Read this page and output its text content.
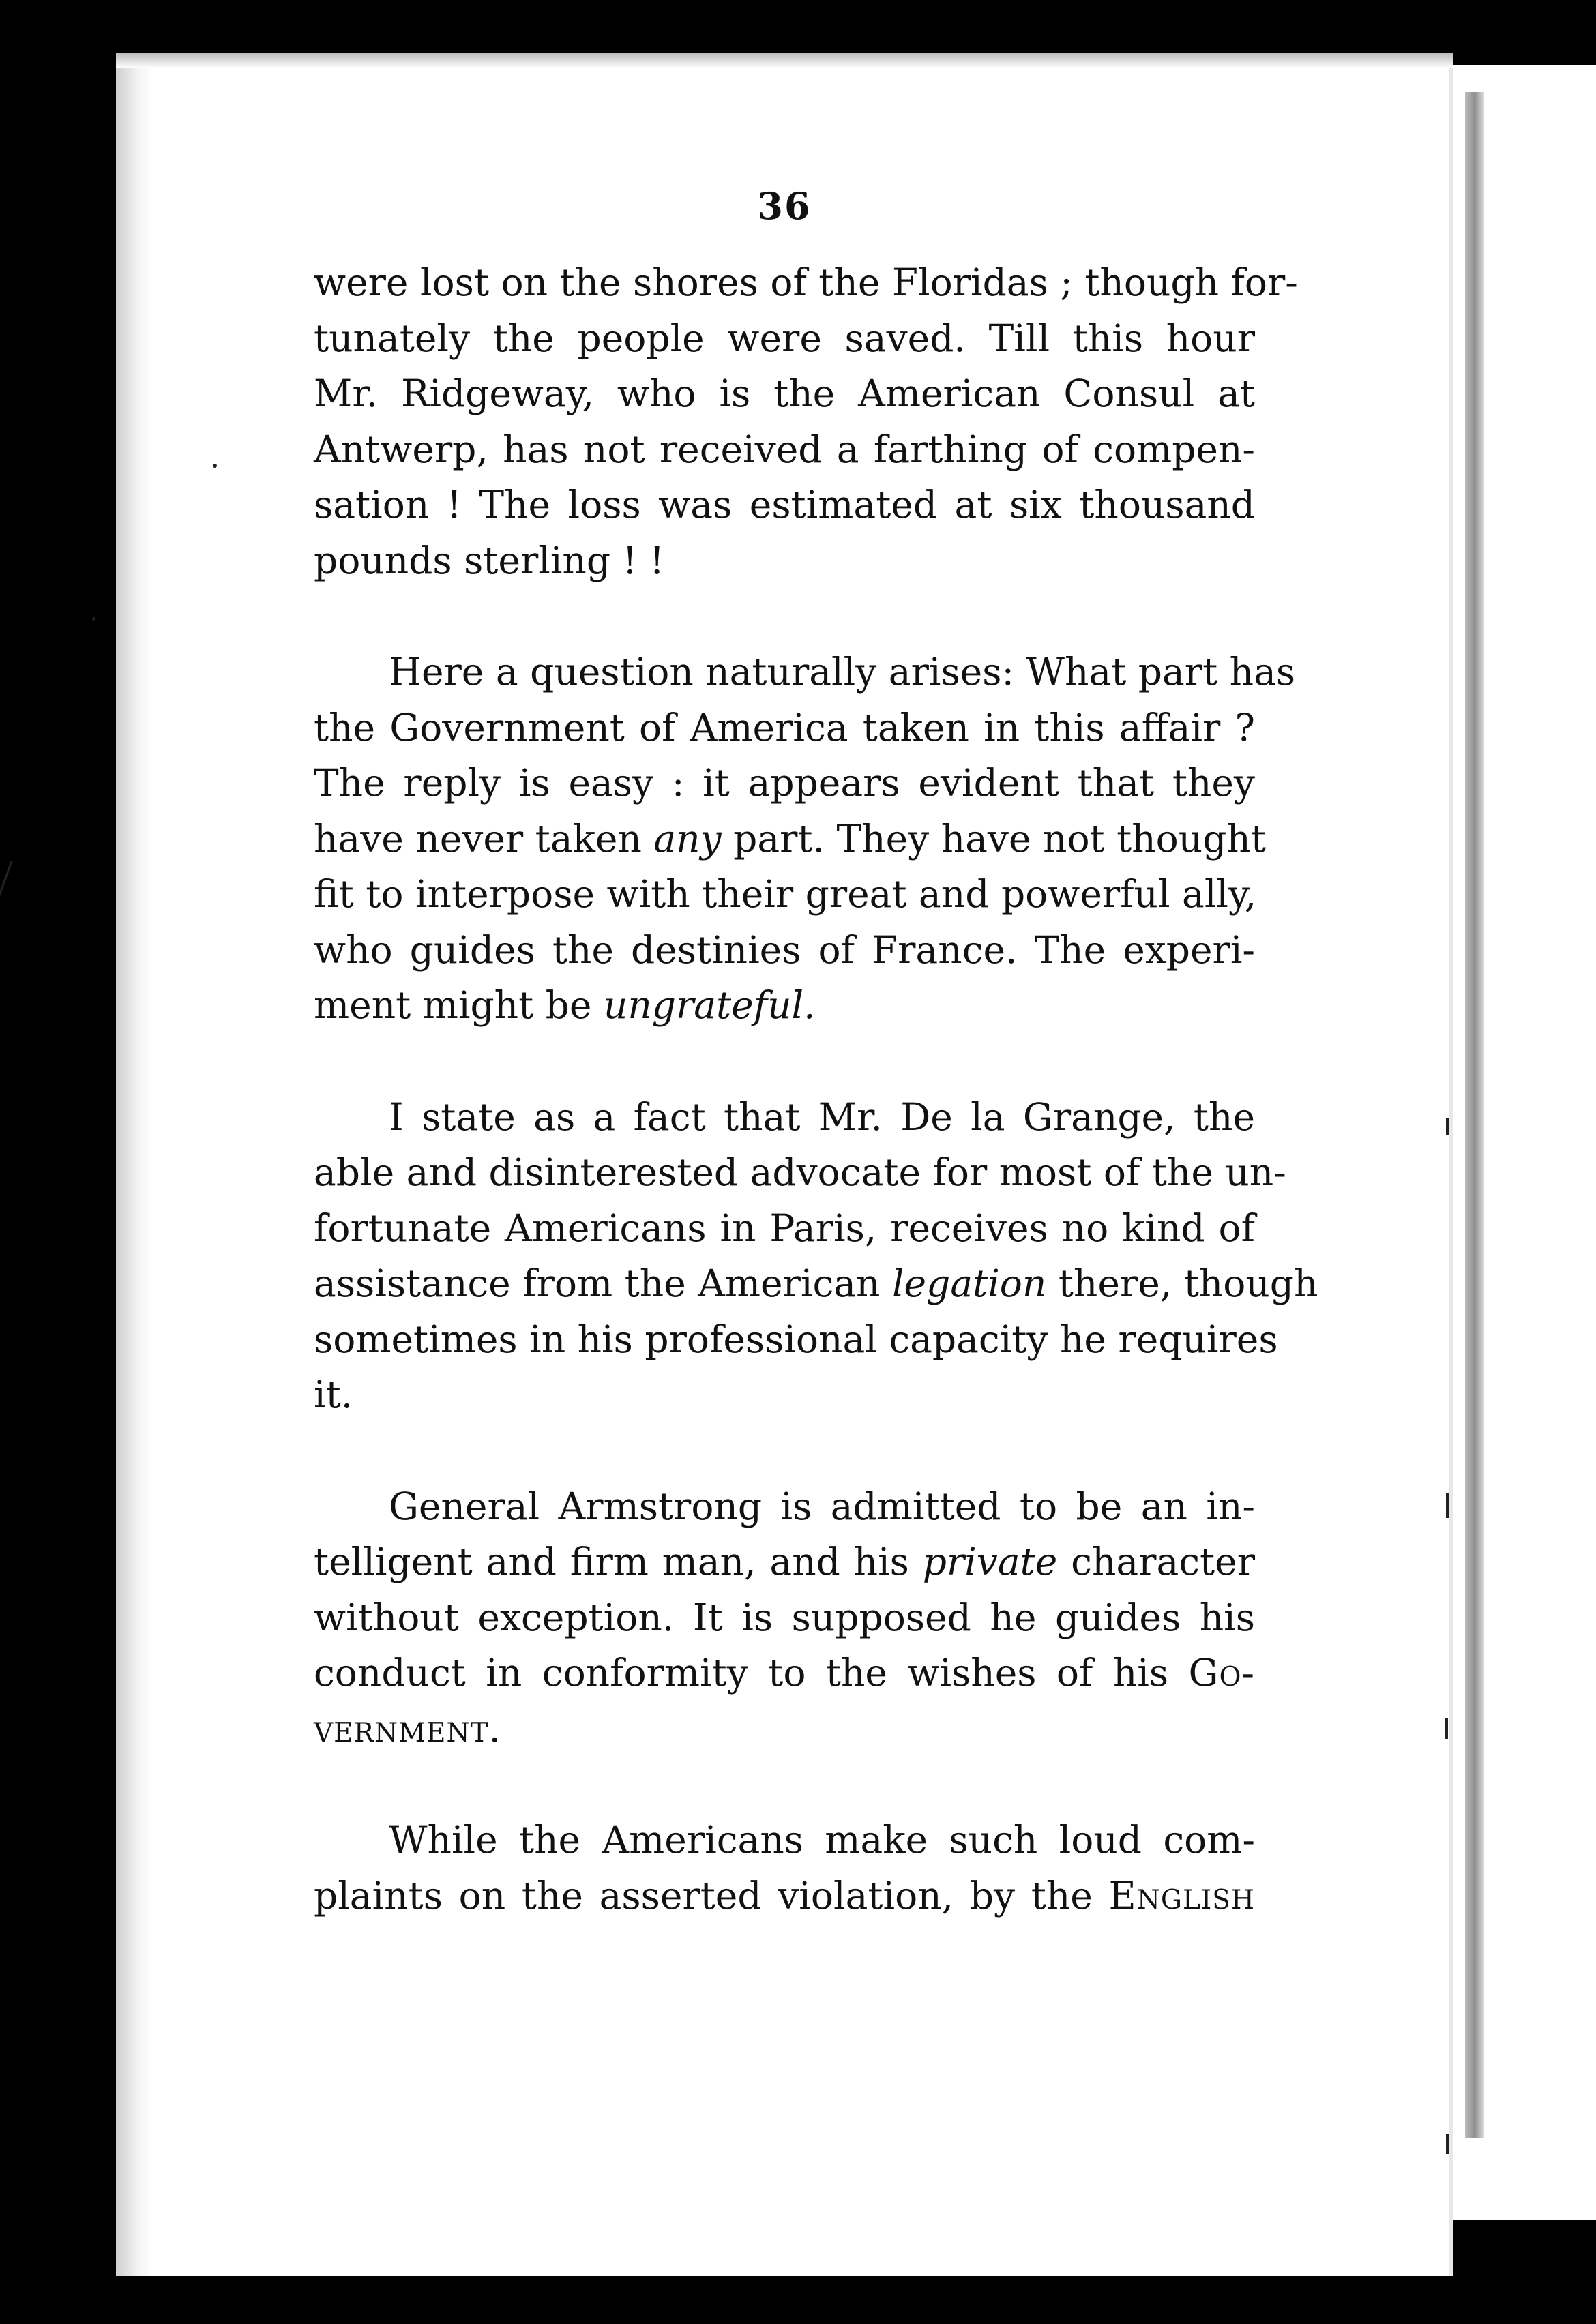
36

were lost on the shores of the Floridas ; though for-
tunately the people were saved. Till this hour
Mr. Ridgeway, who is the American Consul at
Antwerp, has not received a farthing of compen-
sation ! The loss was estimated at six thousand
pounds sterling ! !

Here a question naturally arises: What part has
the Government of America taken in this affair ?
The reply is easy : it appears evident that they
have never taken any part. They have not thought
fit to interpose with their great and powerful ally,
who guides the destinies of France. The experi-
ment might be ungrateful.

I state as a fact that Mr. De la Grange, the
able and disinterested advocate for most of the un-
fortunate Americans in Paris, receives no kind of
assistance from the American legation there, though
sometimes in his professional capacity he requires
it.

General Armstrong is admitted to be an in-
telligent and firm man, and his private character
without exception. It is supposed he guides his
conduct in conformity to the wishes of his Go-
vernment.

While the Americans make such loud com-
plaints on the asserted violation, by the English
